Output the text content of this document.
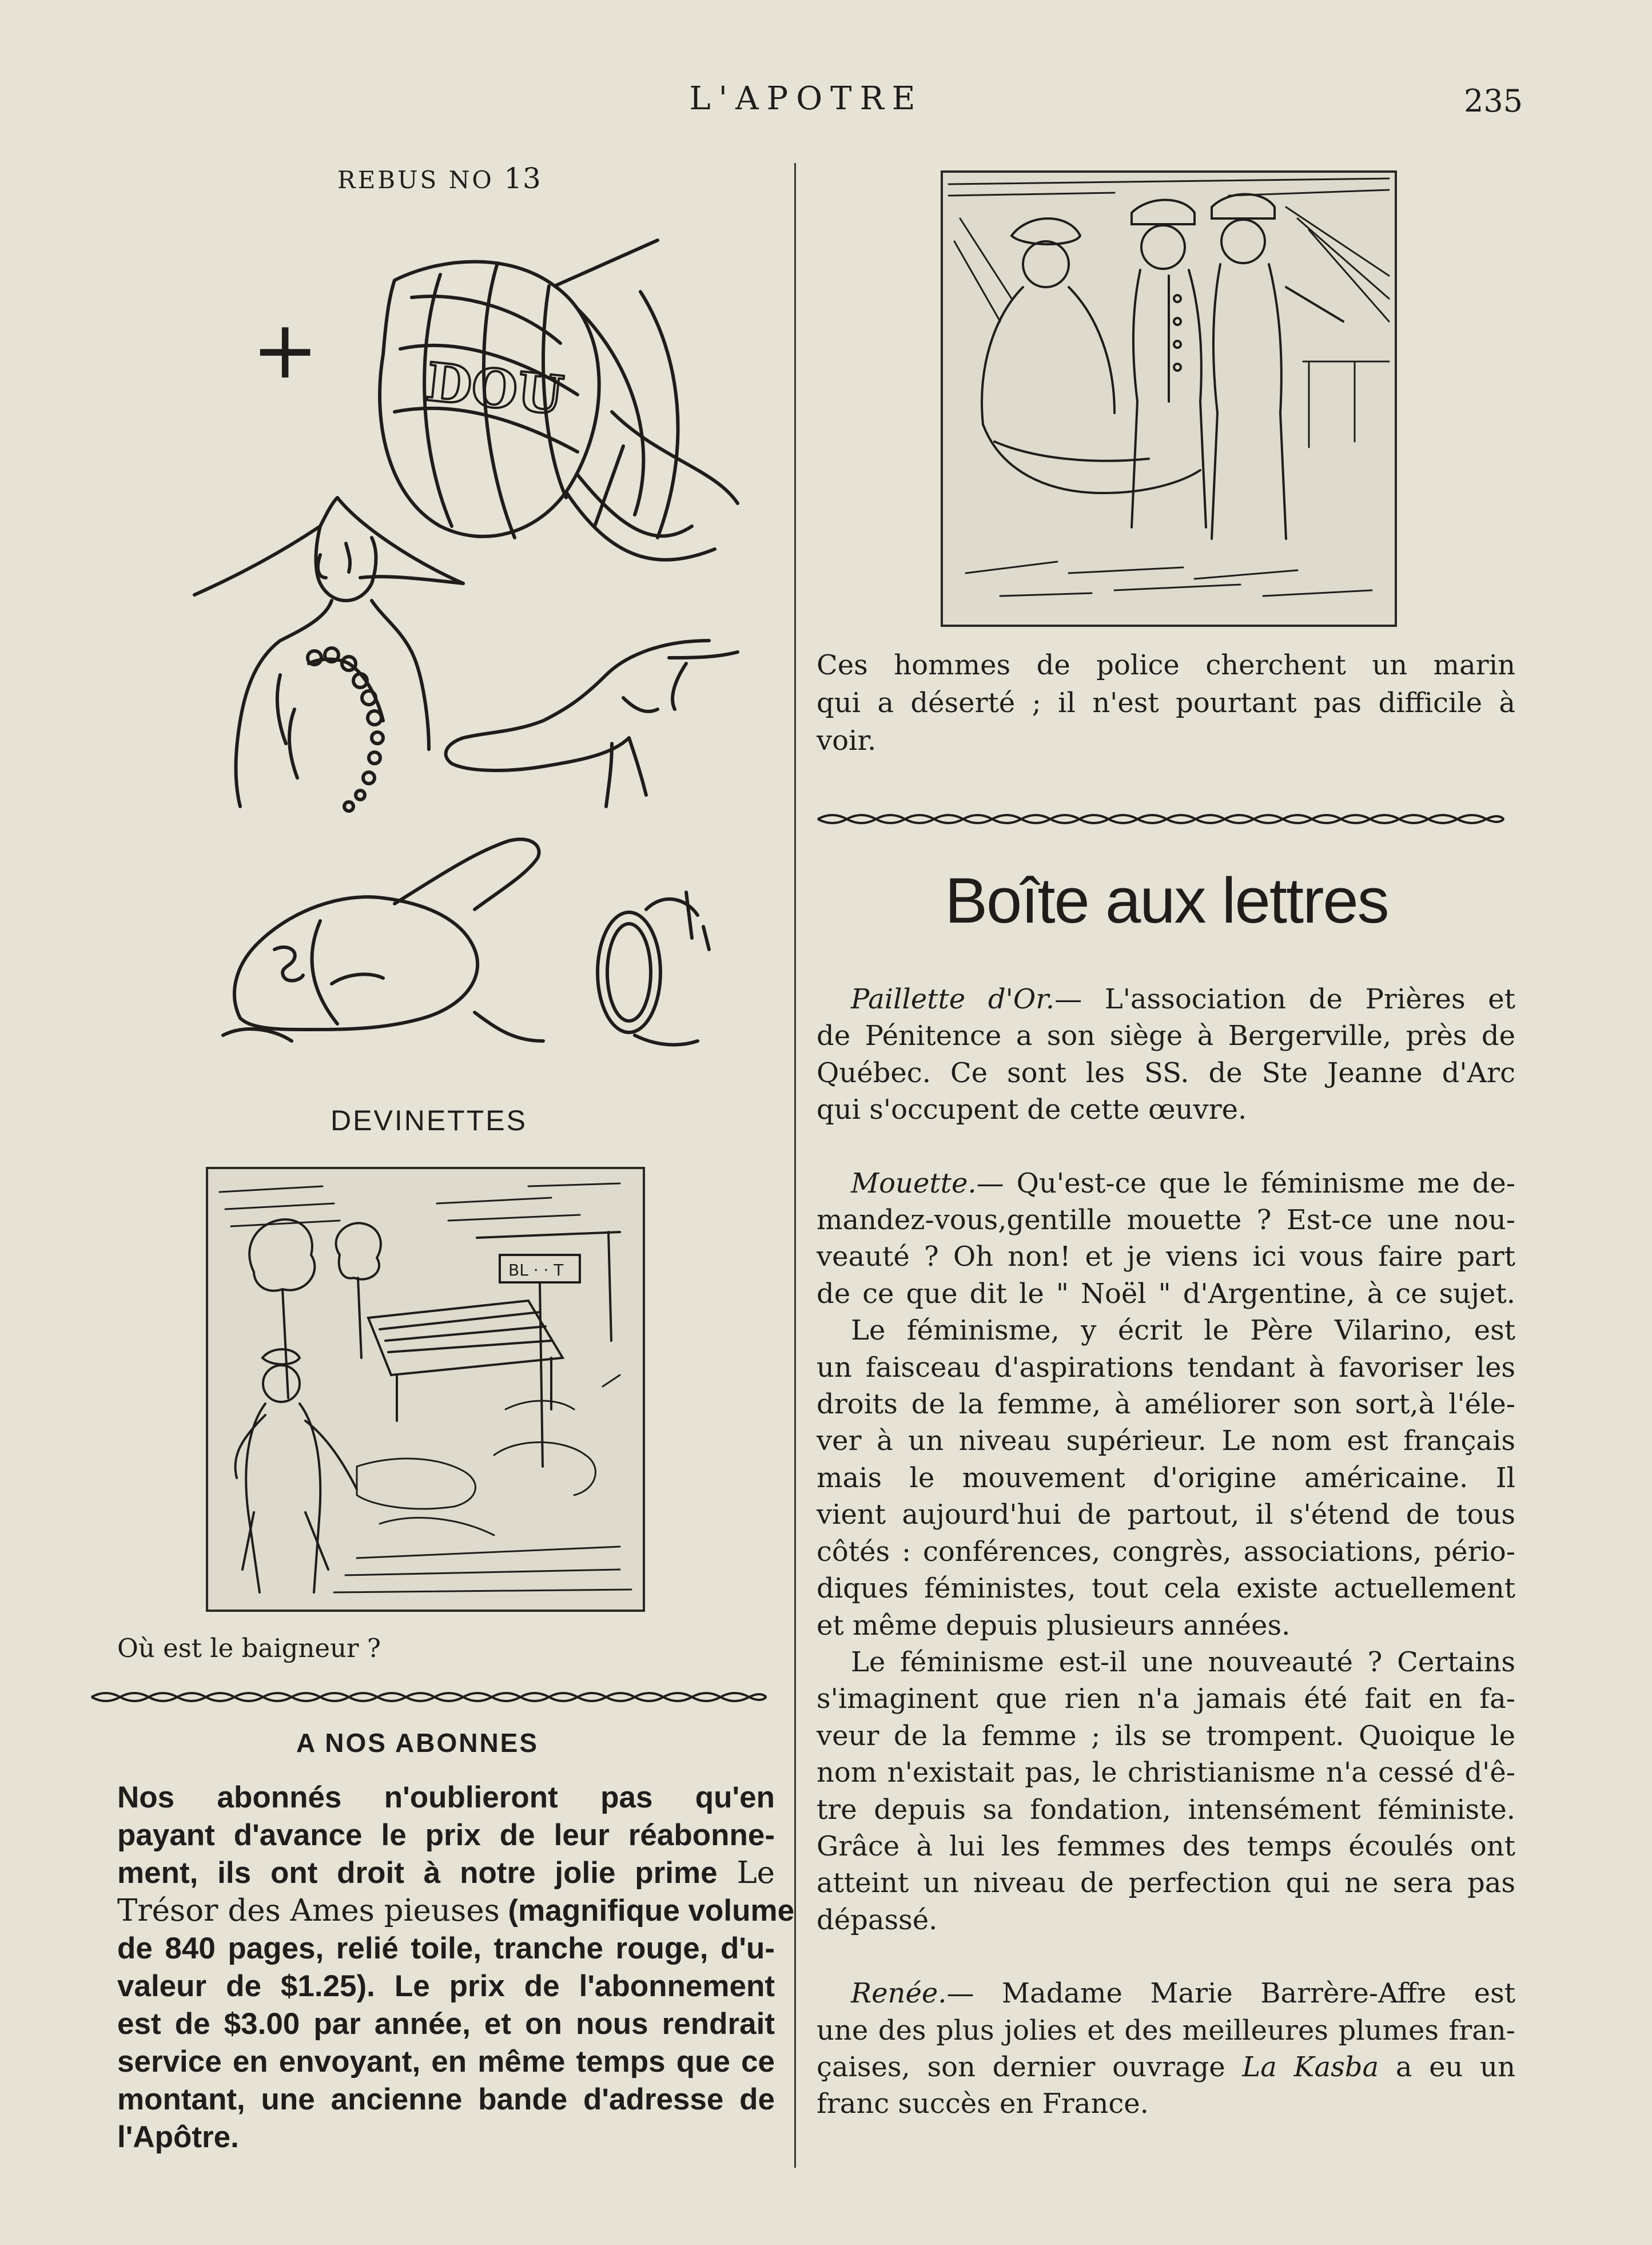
L'APOTRE	235
REBUS NO 13
+ DOU
DEVINETTES
BL · · T
Où est le baigneur ?
A NOS ABONNES
Nos abonnés n'oublieront pas qu'en
payant d'avance le prix de leur réabonne-
ment, ils ont droit à notre jolie prime Le
Trésor des Ames pieuses (magnifique volume
de 840 pages, relié toile, tranche rouge, d'u-
valeur de $1.25). Le prix de l'abonnement
est de $3.00 par année, et on nous rendrait
service en envoyant, en même temps que ce
montant, une ancienne bande d'adresse de
l'Apôtre.
Ces hommes de police cherchent un marin
qui a déserté ; il n'est pourtant pas difficile à
voir.
Boîte aux lettres
Paillette d'Or.— L'association de Prières et
de Pénitence a son siège à Bergerville, près de
Québec. Ce sont les SS. de Ste Jeanne d'Arc
qui s'occupent de cette œuvre.
Mouette.— Qu'est-ce que le féminisme me de-
mandez-vous,gentille mouette ? Est-ce une nou-
veauté ? Oh non! et je viens ici vous faire part
de ce que dit le " Noël " d'Argentine, à ce sujet.
Le féminisme, y écrit le Père Vilarino, est
un faisceau d'aspirations tendant à favoriser les
droits de la femme, à améliorer son sort,à l'éle-
ver à un niveau supérieur. Le nom est français
mais le mouvement d'origine américaine. Il
vient aujourd'hui de partout, il s'étend de tous
côtés : conférences, congrès, associations, pério-
diques féministes, tout cela existe actuellement
et même depuis plusieurs années.
Le féminisme est-il une nouveauté ? Certains
s'imaginent que rien n'a jamais été fait en fa-
veur de la femme ; ils se trompent. Quoique le
nom n'existait pas, le christianisme n'a cessé d'ê-
tre depuis sa fondation, intensément féministe.
Grâce à lui les femmes des temps écoulés ont
atteint un niveau de perfection qui ne sera pas
dépassé.
Renée.— Madame Marie Barrère-Affre est
une des plus jolies et des meilleures plumes fran-
çaises, son dernier ouvrage La Kasba a eu un
franc succès en France.
